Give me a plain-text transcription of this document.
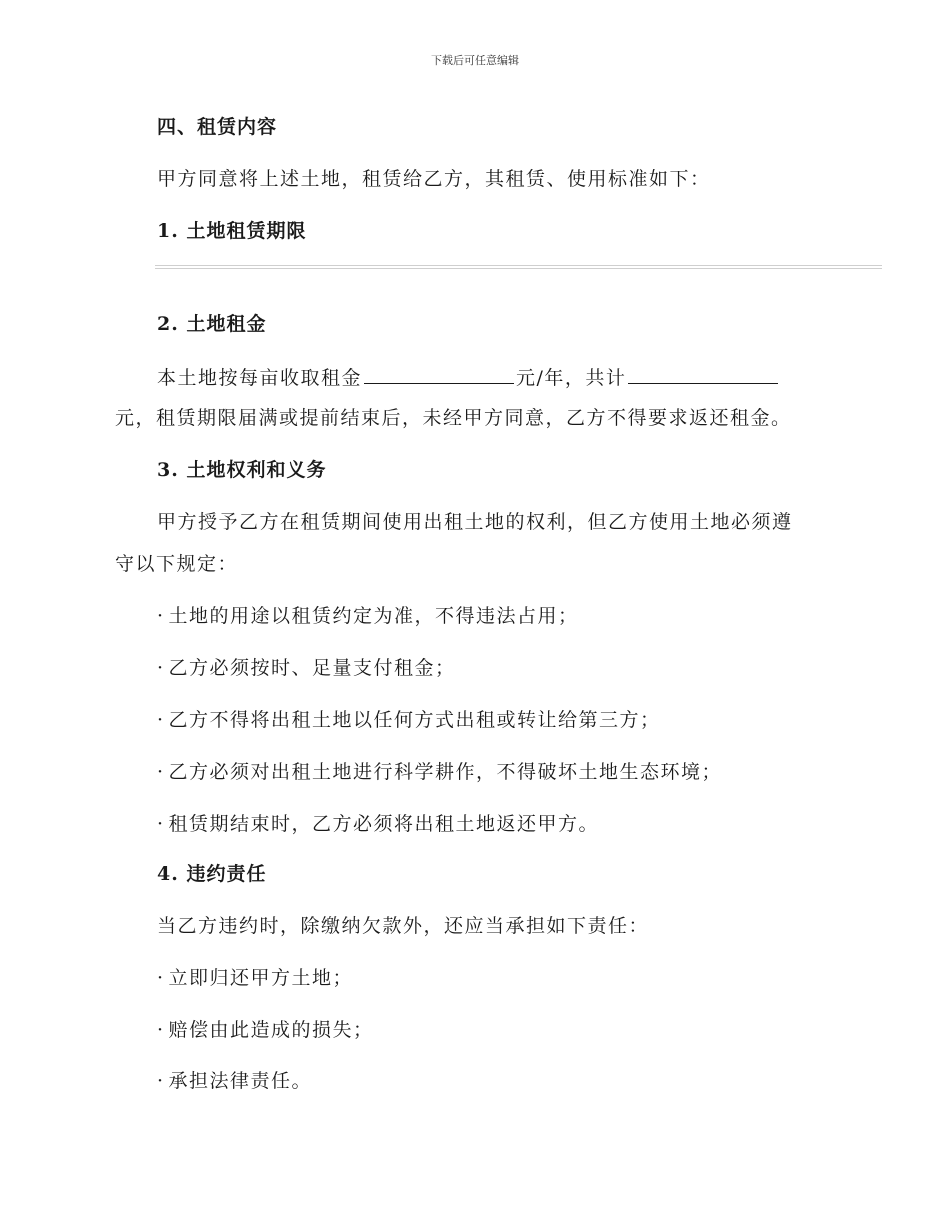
下载后可任意编辑
四、租赁内容
甲方同意将上述土地，租赁给乙方，其租赁、使用标准如下：
1. 土地租赁期限
2. 土地租金
本土地按每亩收取租金	元/年，共计
元，租赁期限届满或提前结束后，未经甲方同意，乙方不得要求返还租金。
3. 土地权利和义务
甲方授予乙方在租赁期间使用出租土地的权利，但乙方使用土地必须遵
守以下规定：
· 土地的用途以租赁约定为准，不得违法占用；
· 乙方必须按时、足量支付租金；
· 乙方不得将出租土地以任何方式出租或转让给第三方；
· 乙方必须对出租土地进行科学耕作，不得破坏土地生态环境；
· 租赁期结束时，乙方必须将出租土地返还甲方。
4. 违约责任
当乙方违约时，除缴纳欠款外，还应当承担如下责任：
· 立即归还甲方土地；
· 赔偿由此造成的损失；
· 承担法律责任。
